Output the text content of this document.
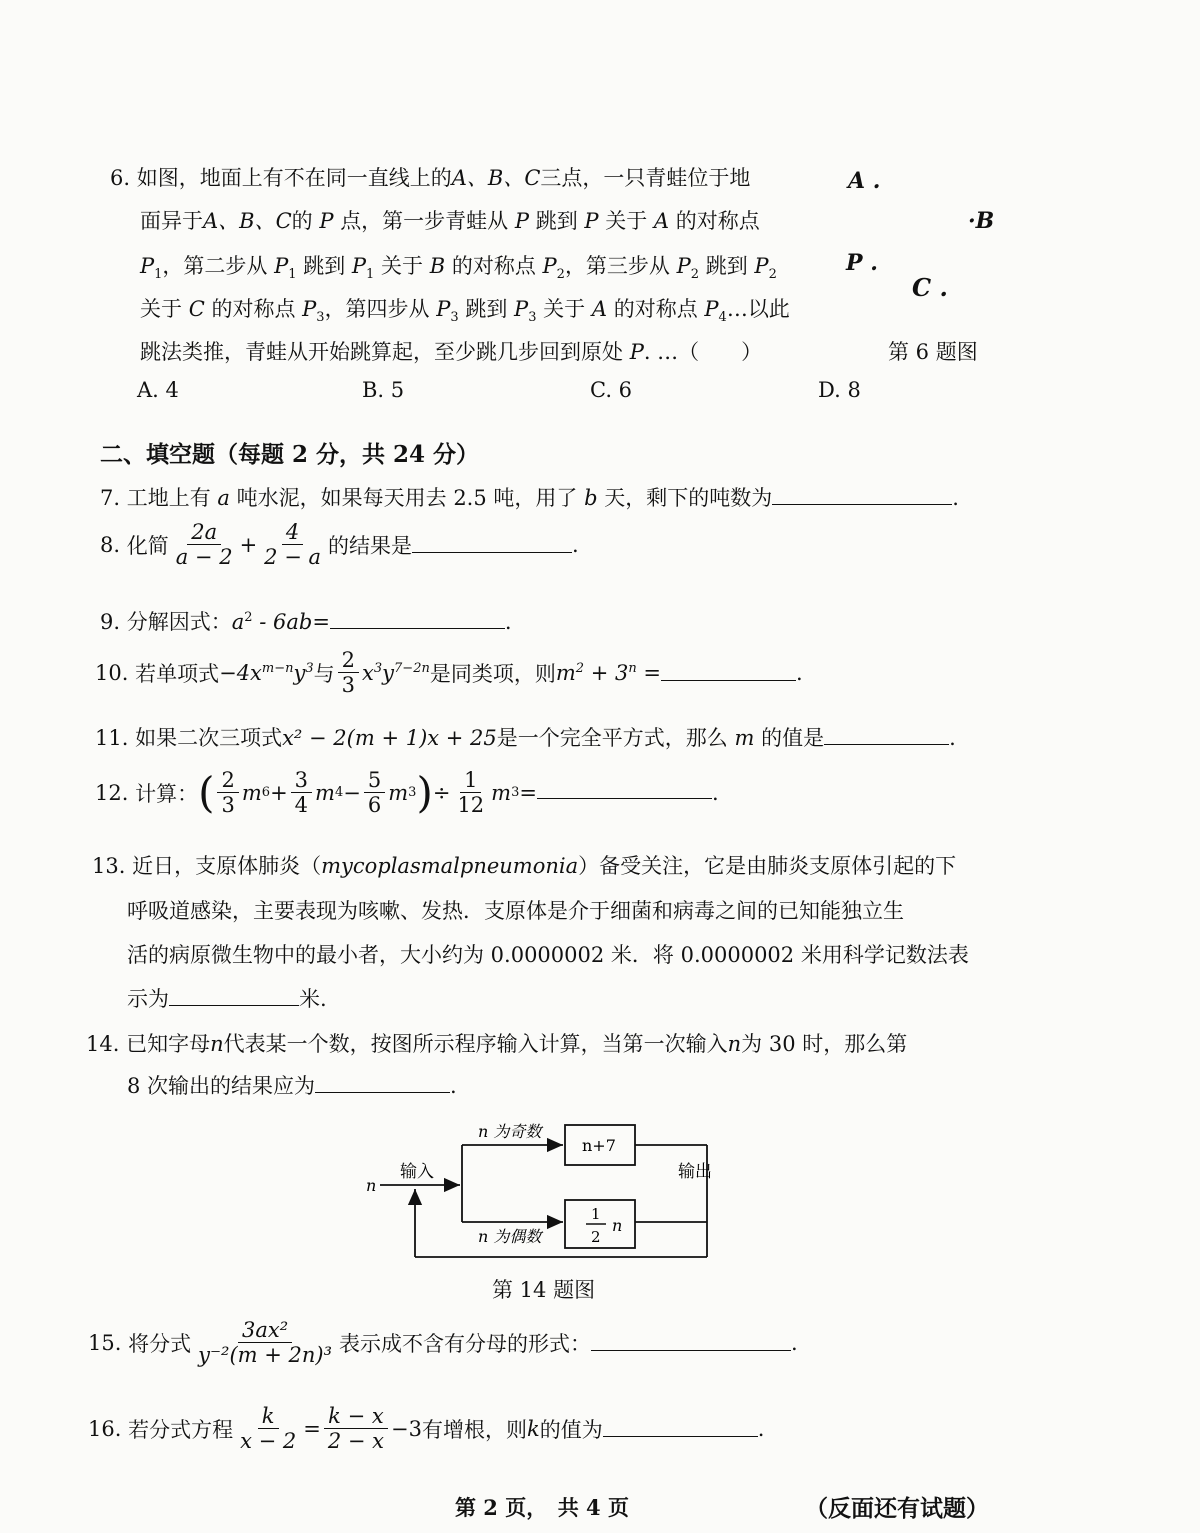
6. 如图，地面上有不在同一直线上的A、B、C三点，一只青蛙位于地
面异于A、B、C的 P 点，第一步青蛙从 P 跳到 P 关于 A 的对称点
$P_1$，第二步从 $P_1$ 跳到 $P_1$ 关于 B 的对称点 $P_2$，第三步从 $P_2$ 跳到 $P_2$
关于 C 的对称点 $P_3$，第四步从 $P_3$ 跳到 $P_3$ 关于 A 的对称点 $P_4\dots$以此
跳法类推，青蛙从开始跳算起，至少跳几步回到原处 P. …（　　）
A .
·B
P .
C .
第 6 题图
A. 4	B. 5	C. 6	D. 8
二、填空题（每题 2 分，共 24 分）
7. 工地上有 a 吨水泥，如果每天用去 2.5 吨，用了 b 天，剩下的吨数为	.
8.
化简 $\frac{2a}{a - 2} + \frac{4}{2 - a}$ 的结果是	.
9. 分解因式：$a^2 - 6ab=$	.
10.
若单项式 $-4x^{m-n}y^3$ 与 $\frac{2}{3} x^3y^{7-2n}$ 是同类项，则 $m^2 + 3^n$ =	.
11. 如果二次三项式x² − 2(m + 1)x + 25是一个完全平方式，那么 m 的值是	.
12.
计算： ( $\frac{2}{3}$ m $6 + \frac{3}{4}$ m $4 - \frac{5}{6}$ m 3 ) ÷ $\frac{1}{12}$ m 3 =	.
13. 近日，支原体肺炎（mycoplasmalpneumonia）备受关注，它是由肺炎支原体引起的下
呼吸道感染，主要表现为咳嗽、发热．支原体是介于细菌和病毒之间的已知能独立生
活的病原微生物中的最小者，大小约为 0.0000002 米．将 0.0000002 米用科学记数法表
示为	米.
14. 已知字母n代表某一个数，按图所示程序输入计算，当第一次输入n为 30 时，那么第
8 次输出的结果应为	.
n
输入
n 为奇数
n+7
输出
n 为偶数
1
2
n
第 14 题图
15.
将分式 $\frac{\text{3ax²}}{\text{y⁻²(m + 2n)³}}$ 表示成不含有分母的形式：	.
16.
若分式方程 $\frac{k}{x - 2} = \frac{k - x}{2 - x} -3$ 有增根，则 k 的值为	.
第 2 页，　共 4 页	（反面还有试题）
